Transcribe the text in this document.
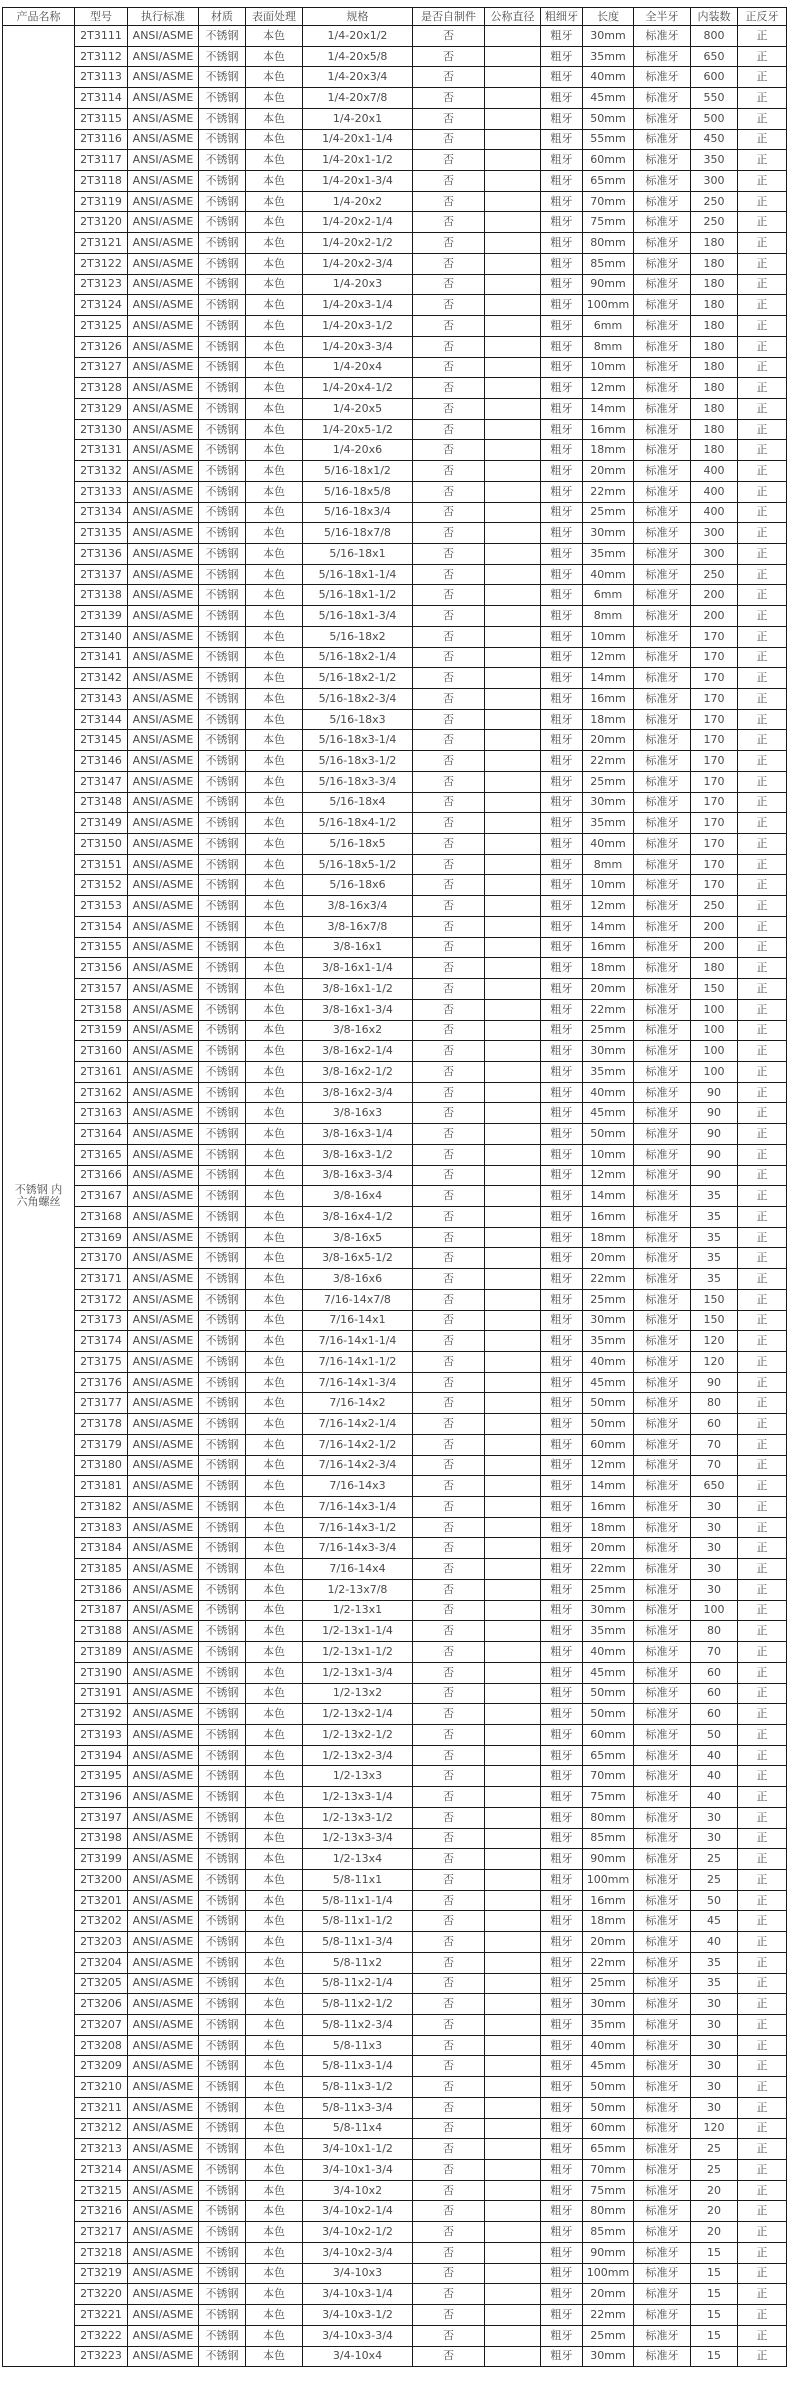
产品名称	型号	执行标准	材质	表面处理	规格	是否自制件	公称直径	粗细牙	长度	全半牙	内装数	正反牙

不锈钢 内
六角螺丝	2T3111	ANSI/ASME	不锈钢	本色	1/4-20x1/2	否		粗牙	30mm	标准牙	800	正
	2T3112	ANSI/ASME	不锈钢	本色	1/4-20x5/8	否		粗牙	35mm	标准牙	650	正
	2T3113	ANSI/ASME	不锈钢	本色	1/4-20x3/4	否		粗牙	40mm	标准牙	600	正
	2T3114	ANSI/ASME	不锈钢	本色	1/4-20x7/8	否		粗牙	45mm	标准牙	550	正
	2T3115	ANSI/ASME	不锈钢	本色	1/4-20x1	否		粗牙	50mm	标准牙	500	正
	2T3116	ANSI/ASME	不锈钢	本色	1/4-20x1-1/4	否		粗牙	55mm	标准牙	450	正
	2T3117	ANSI/ASME	不锈钢	本色	1/4-20x1-1/2	否		粗牙	60mm	标准牙	350	正
	2T3118	ANSI/ASME	不锈钢	本色	1/4-20x1-3/4	否		粗牙	65mm	标准牙	300	正
	2T3119	ANSI/ASME	不锈钢	本色	1/4-20x2	否		粗牙	70mm	标准牙	250	正
	2T3120	ANSI/ASME	不锈钢	本色	1/4-20x2-1/4	否		粗牙	75mm	标准牙	250	正
	2T3121	ANSI/ASME	不锈钢	本色	1/4-20x2-1/2	否		粗牙	80mm	标准牙	180	正
	2T3122	ANSI/ASME	不锈钢	本色	1/4-20x2-3/4	否		粗牙	85mm	标准牙	180	正
	2T3123	ANSI/ASME	不锈钢	本色	1/4-20x3	否		粗牙	90mm	标准牙	180	正
	2T3124	ANSI/ASME	不锈钢	本色	1/4-20x3-1/4	否		粗牙	100mm	标准牙	180	正
	2T3125	ANSI/ASME	不锈钢	本色	1/4-20x3-1/2	否		粗牙	6mm	标准牙	180	正
	2T3126	ANSI/ASME	不锈钢	本色	1/4-20x3-3/4	否		粗牙	8mm	标准牙	180	正
	2T3127	ANSI/ASME	不锈钢	本色	1/4-20x4	否		粗牙	10mm	标准牙	180	正
	2T3128	ANSI/ASME	不锈钢	本色	1/4-20x4-1/2	否		粗牙	12mm	标准牙	180	正
	2T3129	ANSI/ASME	不锈钢	本色	1/4-20x5	否		粗牙	14mm	标准牙	180	正
	2T3130	ANSI/ASME	不锈钢	本色	1/4-20x5-1/2	否		粗牙	16mm	标准牙	180	正
	2T3131	ANSI/ASME	不锈钢	本色	1/4-20x6	否		粗牙	18mm	标准牙	180	正
	2T3132	ANSI/ASME	不锈钢	本色	5/16-18x1/2	否		粗牙	20mm	标准牙	400	正
	2T3133	ANSI/ASME	不锈钢	本色	5/16-18x5/8	否		粗牙	22mm	标准牙	400	正
	2T3134	ANSI/ASME	不锈钢	本色	5/16-18x3/4	否		粗牙	25mm	标准牙	400	正
	2T3135	ANSI/ASME	不锈钢	本色	5/16-18x7/8	否		粗牙	30mm	标准牙	300	正
	2T3136	ANSI/ASME	不锈钢	本色	5/16-18x1	否		粗牙	35mm	标准牙	300	正
	2T3137	ANSI/ASME	不锈钢	本色	5/16-18x1-1/4	否		粗牙	40mm	标准牙	250	正
	2T3138	ANSI/ASME	不锈钢	本色	5/16-18x1-1/2	否		粗牙	6mm	标准牙	200	正
	2T3139	ANSI/ASME	不锈钢	本色	5/16-18x1-3/4	否		粗牙	8mm	标准牙	200	正
	2T3140	ANSI/ASME	不锈钢	本色	5/16-18x2	否		粗牙	10mm	标准牙	170	正
	2T3141	ANSI/ASME	不锈钢	本色	5/16-18x2-1/4	否		粗牙	12mm	标准牙	170	正
	2T3142	ANSI/ASME	不锈钢	本色	5/16-18x2-1/2	否		粗牙	14mm	标准牙	170	正
	2T3143	ANSI/ASME	不锈钢	本色	5/16-18x2-3/4	否		粗牙	16mm	标准牙	170	正
	2T3144	ANSI/ASME	不锈钢	本色	5/16-18x3	否		粗牙	18mm	标准牙	170	正
	2T3145	ANSI/ASME	不锈钢	本色	5/16-18x3-1/4	否		粗牙	20mm	标准牙	170	正
	2T3146	ANSI/ASME	不锈钢	本色	5/16-18x3-1/2	否		粗牙	22mm	标准牙	170	正
	2T3147	ANSI/ASME	不锈钢	本色	5/16-18x3-3/4	否		粗牙	25mm	标准牙	170	正
	2T3148	ANSI/ASME	不锈钢	本色	5/16-18x4	否		粗牙	30mm	标准牙	170	正
	2T3149	ANSI/ASME	不锈钢	本色	5/16-18x4-1/2	否		粗牙	35mm	标准牙	170	正
	2T3150	ANSI/ASME	不锈钢	本色	5/16-18x5	否		粗牙	40mm	标准牙	170	正
	2T3151	ANSI/ASME	不锈钢	本色	5/16-18x5-1/2	否		粗牙	8mm	标准牙	170	正
	2T3152	ANSI/ASME	不锈钢	本色	5/16-18x6	否		粗牙	10mm	标准牙	170	正
	2T3153	ANSI/ASME	不锈钢	本色	3/8-16x3/4	否		粗牙	12mm	标准牙	250	正
	2T3154	ANSI/ASME	不锈钢	本色	3/8-16x7/8	否		粗牙	14mm	标准牙	200	正
	2T3155	ANSI/ASME	不锈钢	本色	3/8-16x1	否		粗牙	16mm	标准牙	200	正
	2T3156	ANSI/ASME	不锈钢	本色	3/8-16x1-1/4	否		粗牙	18mm	标准牙	180	正
	2T3157	ANSI/ASME	不锈钢	本色	3/8-16x1-1/2	否		粗牙	20mm	标准牙	150	正
	2T3158	ANSI/ASME	不锈钢	本色	3/8-16x1-3/4	否		粗牙	22mm	标准牙	100	正
	2T3159	ANSI/ASME	不锈钢	本色	3/8-16x2	否		粗牙	25mm	标准牙	100	正
	2T3160	ANSI/ASME	不锈钢	本色	3/8-16x2-1/4	否		粗牙	30mm	标准牙	100	正
	2T3161	ANSI/ASME	不锈钢	本色	3/8-16x2-1/2	否		粗牙	35mm	标准牙	100	正
	2T3162	ANSI/ASME	不锈钢	本色	3/8-16x2-3/4	否		粗牙	40mm	标准牙	90	正
	2T3163	ANSI/ASME	不锈钢	本色	3/8-16x3	否		粗牙	45mm	标准牙	90	正
	2T3164	ANSI/ASME	不锈钢	本色	3/8-16x3-1/4	否		粗牙	50mm	标准牙	90	正
	2T3165	ANSI/ASME	不锈钢	本色	3/8-16x3-1/2	否		粗牙	10mm	标准牙	90	正
	2T3166	ANSI/ASME	不锈钢	本色	3/8-16x3-3/4	否		粗牙	12mm	标准牙	90	正
	2T3167	ANSI/ASME	不锈钢	本色	3/8-16x4	否		粗牙	14mm	标准牙	35	正
	2T3168	ANSI/ASME	不锈钢	本色	3/8-16x4-1/2	否		粗牙	16mm	标准牙	35	正
	2T3169	ANSI/ASME	不锈钢	本色	3/8-16x5	否		粗牙	18mm	标准牙	35	正
	2T3170	ANSI/ASME	不锈钢	本色	3/8-16x5-1/2	否		粗牙	20mm	标准牙	35	正
	2T3171	ANSI/ASME	不锈钢	本色	3/8-16x6	否		粗牙	22mm	标准牙	35	正
	2T3172	ANSI/ASME	不锈钢	本色	7/16-14x7/8	否		粗牙	25mm	标准牙	150	正
	2T3173	ANSI/ASME	不锈钢	本色	7/16-14x1	否		粗牙	30mm	标准牙	150	正
	2T3174	ANSI/ASME	不锈钢	本色	7/16-14x1-1/4	否		粗牙	35mm	标准牙	120	正
	2T3175	ANSI/ASME	不锈钢	本色	7/16-14x1-1/2	否		粗牙	40mm	标准牙	120	正
	2T3176	ANSI/ASME	不锈钢	本色	7/16-14x1-3/4	否		粗牙	45mm	标准牙	90	正
	2T3177	ANSI/ASME	不锈钢	本色	7/16-14x2	否		粗牙	50mm	标准牙	80	正
	2T3178	ANSI/ASME	不锈钢	本色	7/16-14x2-1/4	否		粗牙	50mm	标准牙	60	正
	2T3179	ANSI/ASME	不锈钢	本色	7/16-14x2-1/2	否		粗牙	60mm	标准牙	70	正
	2T3180	ANSI/ASME	不锈钢	本色	7/16-14x2-3/4	否		粗牙	12mm	标准牙	70	正
	2T3181	ANSI/ASME	不锈钢	本色	7/16-14x3	否		粗牙	14mm	标准牙	650	正
	2T3182	ANSI/ASME	不锈钢	本色	7/16-14x3-1/4	否		粗牙	16mm	标准牙	30	正
	2T3183	ANSI/ASME	不锈钢	本色	7/16-14x3-1/2	否		粗牙	18mm	标准牙	30	正
	2T3184	ANSI/ASME	不锈钢	本色	7/16-14x3-3/4	否		粗牙	20mm	标准牙	30	正
	2T3185	ANSI/ASME	不锈钢	本色	7/16-14x4	否		粗牙	22mm	标准牙	30	正
	2T3186	ANSI/ASME	不锈钢	本色	1/2-13x7/8	否		粗牙	25mm	标准牙	30	正
	2T3187	ANSI/ASME	不锈钢	本色	1/2-13x1	否		粗牙	30mm	标准牙	100	正
	2T3188	ANSI/ASME	不锈钢	本色	1/2-13x1-1/4	否		粗牙	35mm	标准牙	80	正
	2T3189	ANSI/ASME	不锈钢	本色	1/2-13x1-1/2	否		粗牙	40mm	标准牙	70	正
	2T3190	ANSI/ASME	不锈钢	本色	1/2-13x1-3/4	否		粗牙	45mm	标准牙	60	正
	2T3191	ANSI/ASME	不锈钢	本色	1/2-13x2	否		粗牙	50mm	标准牙	60	正
	2T3192	ANSI/ASME	不锈钢	本色	1/2-13x2-1/4	否		粗牙	50mm	标准牙	60	正
	2T3193	ANSI/ASME	不锈钢	本色	1/2-13x2-1/2	否		粗牙	60mm	标准牙	50	正
	2T3194	ANSI/ASME	不锈钢	本色	1/2-13x2-3/4	否		粗牙	65mm	标准牙	40	正
	2T3195	ANSI/ASME	不锈钢	本色	1/2-13x3	否		粗牙	70mm	标准牙	40	正
	2T3196	ANSI/ASME	不锈钢	本色	1/2-13x3-1/4	否		粗牙	75mm	标准牙	40	正
	2T3197	ANSI/ASME	不锈钢	本色	1/2-13x3-1/2	否		粗牙	80mm	标准牙	30	正
	2T3198	ANSI/ASME	不锈钢	本色	1/2-13x3-3/4	否		粗牙	85mm	标准牙	30	正
	2T3199	ANSI/ASME	不锈钢	本色	1/2-13x4	否		粗牙	90mm	标准牙	25	正
	2T3200	ANSI/ASME	不锈钢	本色	5/8-11x1	否		粗牙	100mm	标准牙	25	正
	2T3201	ANSI/ASME	不锈钢	本色	5/8-11x1-1/4	否		粗牙	16mm	标准牙	50	正
	2T3202	ANSI/ASME	不锈钢	本色	5/8-11x1-1/2	否		粗牙	18mm	标准牙	45	正
	2T3203	ANSI/ASME	不锈钢	本色	5/8-11x1-3/4	否		粗牙	20mm	标准牙	40	正
	2T3204	ANSI/ASME	不锈钢	本色	5/8-11x2	否		粗牙	22mm	标准牙	35	正
	2T3205	ANSI/ASME	不锈钢	本色	5/8-11x2-1/4	否		粗牙	25mm	标准牙	35	正
	2T3206	ANSI/ASME	不锈钢	本色	5/8-11x2-1/2	否		粗牙	30mm	标准牙	30	正
	2T3207	ANSI/ASME	不锈钢	本色	5/8-11x2-3/4	否		粗牙	35mm	标准牙	30	正
	2T3208	ANSI/ASME	不锈钢	本色	5/8-11x3	否		粗牙	40mm	标准牙	30	正
	2T3209	ANSI/ASME	不锈钢	本色	5/8-11x3-1/4	否		粗牙	45mm	标准牙	30	正
	2T3210	ANSI/ASME	不锈钢	本色	5/8-11x3-1/2	否		粗牙	50mm	标准牙	30	正
	2T3211	ANSI/ASME	不锈钢	本色	5/8-11x3-3/4	否		粗牙	50mm	标准牙	30	正
	2T3212	ANSI/ASME	不锈钢	本色	5/8-11x4	否		粗牙	60mm	标准牙	120	正
	2T3213	ANSI/ASME	不锈钢	本色	3/4-10x1-1/2	否		粗牙	65mm	标准牙	25	正
	2T3214	ANSI/ASME	不锈钢	本色	3/4-10x1-3/4	否		粗牙	70mm	标准牙	25	正
	2T3215	ANSI/ASME	不锈钢	本色	3/4-10x2	否		粗牙	75mm	标准牙	20	正
	2T3216	ANSI/ASME	不锈钢	本色	3/4-10x2-1/4	否		粗牙	80mm	标准牙	20	正
	2T3217	ANSI/ASME	不锈钢	本色	3/4-10x2-1/2	否		粗牙	85mm	标准牙	20	正
	2T3218	ANSI/ASME	不锈钢	本色	3/4-10x2-3/4	否		粗牙	90mm	标准牙	15	正
	2T3219	ANSI/ASME	不锈钢	本色	3/4-10x3	否		粗牙	100mm	标准牙	15	正
	2T3220	ANSI/ASME	不锈钢	本色	3/4-10x3-1/4	否		粗牙	20mm	标准牙	15	正
	2T3221	ANSI/ASME	不锈钢	本色	3/4-10x3-1/2	否		粗牙	22mm	标准牙	15	正
	2T3222	ANSI/ASME	不锈钢	本色	3/4-10x3-3/4	否		粗牙	25mm	标准牙	15	正
	2T3223	ANSI/ASME	不锈钢	本色	3/4-10x4	否		粗牙	30mm	标准牙	15	正
